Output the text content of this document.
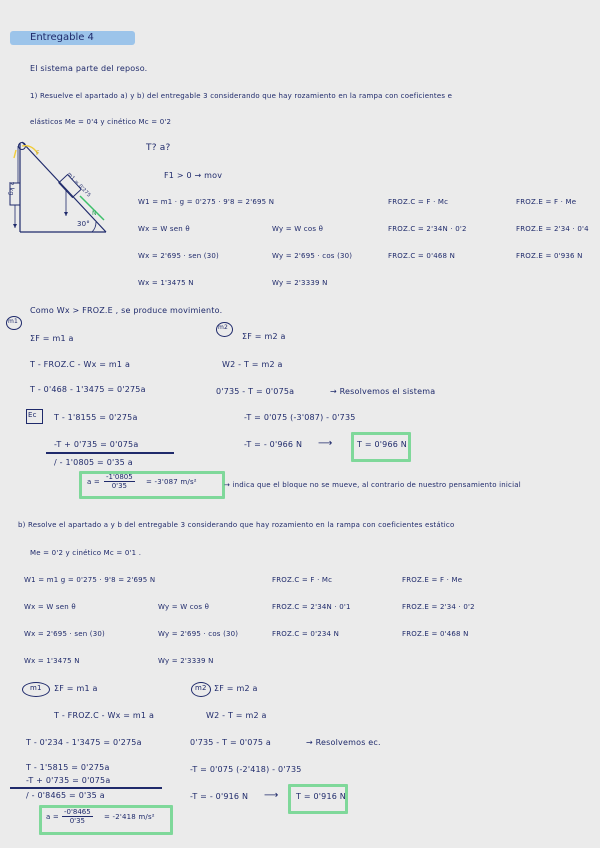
Entregable 4
El sistema parte del reposo.
1) Resuelve el apartado a) y b) del entregable 3 considerando que hay rozamiento en la rampa con coeficientes e
elásticos Me = 0'4 y cinético Mc = 0'2
2 kg	m1 = 0'275
30°
F
N
T? a?
F1 > 0 → mov
W1 = m1 · g = 0'275 · 9'8 = 2'695 N	FROZ.C = F · Mc	FROZ.E = F · Me
Wx = W sen θ	Wy = W cos θ	FROZ.C = 2'34N · 0'2	FROZ.E = 2'34 · 0'4
Wx = 2'695 · sen (30)	Wy = 2'695 · cos (30)	FROZ.C = 0'468 N	FROZ.E = 0'936 N
Wx = 1'3475 N	Wy = 2'3339 N
Como Wx > FROZ.E , se produce movimiento.
m1
ΣF = m1 a
T - FROZ.C - Wx = m1 a
T - 0'468 - 1'3475 = 0'275a
Ec T - 1'8155 = 0'275a
-T + 0'735 = 0'075a
/ - 1'0805 = 0'35 a
$a = \frac{-1'0805}{0'35} = -3'087$ m/s²	→ indica que el bloque no se mueve, al contrario de nuestro pensamiento inicial
m2
ΣF = m2 a
W2 - T = m2 a
0'735 - T = 0'075a	→ Resolvemos el sistema
-T = 0'075 (-3'087) - 0'735
-T = - 0'966 N ⟶	T = 0'966 N
b) Resolve el apartado a y b del entregable 3 considerando que hay rozamiento en la rampa con coeficientes estático
Me = 0'2 y cinético Mc = 0'1 .
W1 = m1 g = 0'275 · 9'8 = 2'695 N	FROZ.C = F · Mc	FROZ.E = F · Me
Wx = W sen θ	Wy = W cos θ	FROZ.C = 2'34N · 0'1	FROZ.E = 2'34 · 0'2
Wx = 2'695 · sen (30)	Wy = 2'695 · cos (30)	FROZ.C = 0'234 N	FROZ.E = 0'468 N
Wx = 1'3475 N	Wy = 2'3339 N
m1 ΣF = m1 a
T - FROZ.C - Wx = m1 a
T - 0'234 - 1'3475 = 0'275a
T - 1'5815 = 0'275a
-T + 0'735 = 0'075a
/ - 0'8465 = 0'35 a
$a = \frac{-0'8465}{0'35} = -2'418$ m/s²
m2 ΣF = m2 a
W2 - T = m2 a
0'735 - T = 0'075 a	→ Resolvemos ec.
-T = 0'075 (-2'418) - 0'735
-T = - 0'916 N ⟶ T = 0'916 N
